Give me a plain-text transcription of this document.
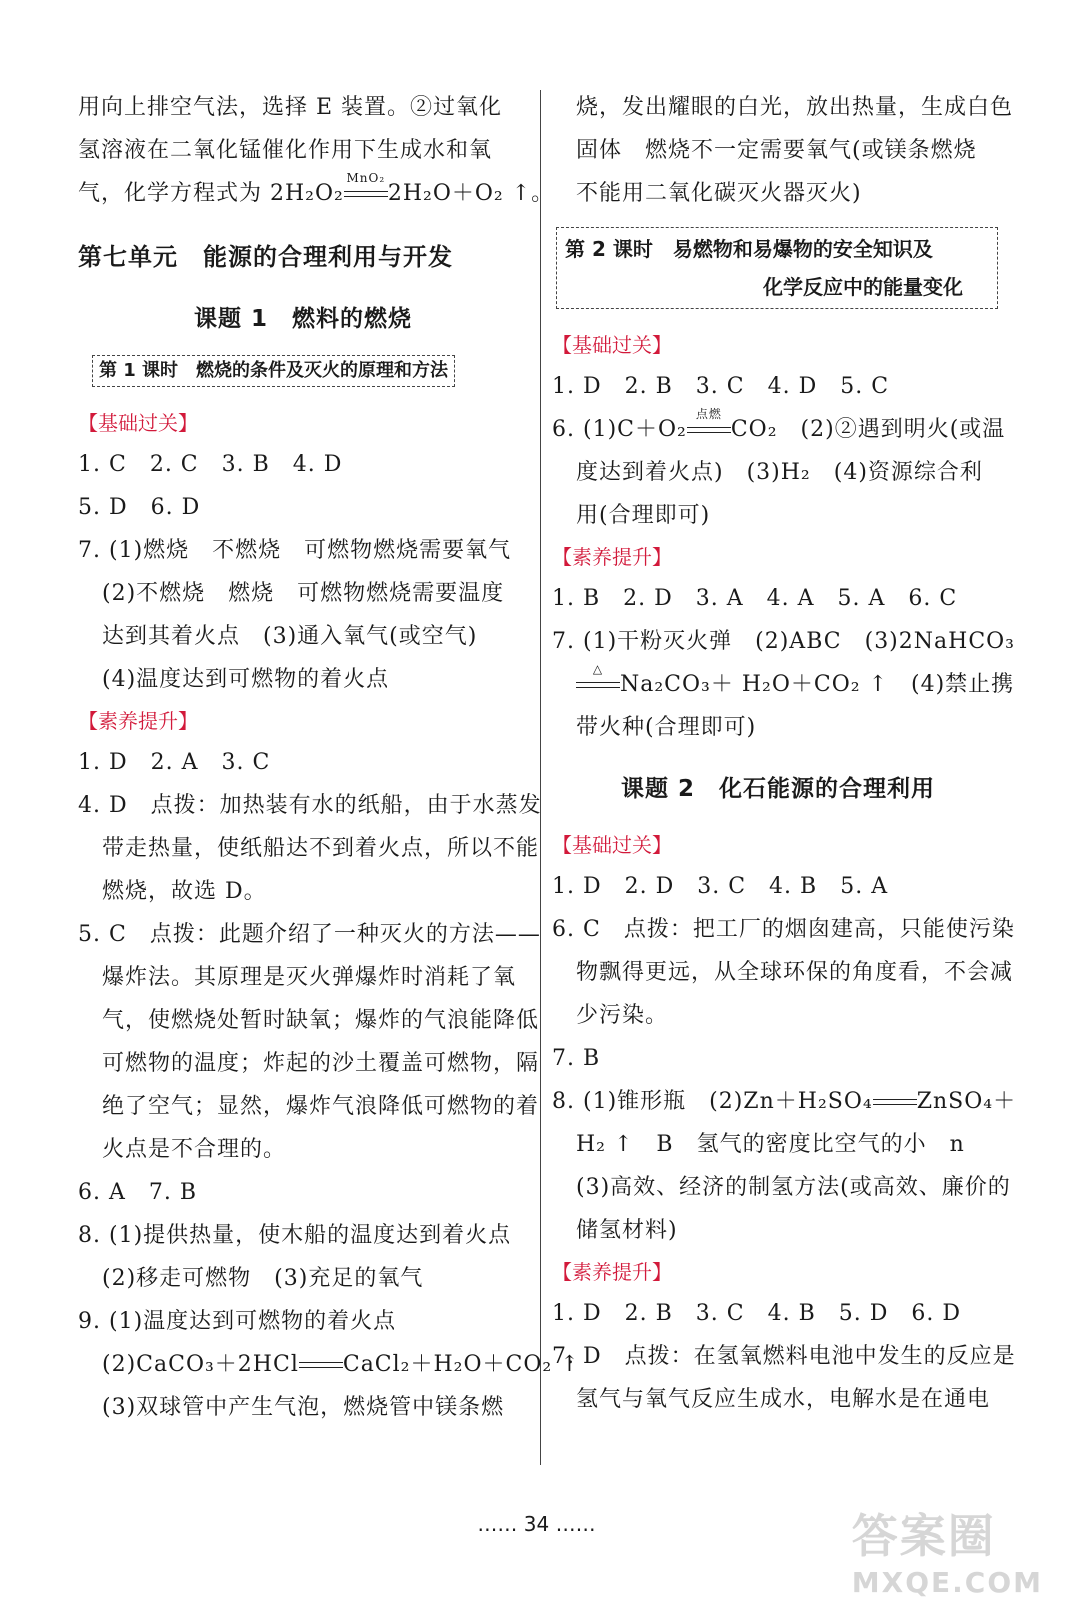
用向上排空气法，选择 E 装置。②过氧化
氢溶液在二氧化锰催化作用下生成水和氧
气，化学方程式为 2H₂O₂
MnO₂
2H₂O＋O₂ ↑。
第七单元　能源的合理利用与开发
课题 1　燃料的燃烧
第 1 课时　燃烧的条件及灭火的原理和方法
【基础过关】
1. C　2. C　3. B　4. D
5. D　6. D
7. (1)燃烧　不燃烧　可燃物燃烧需要氧气
(2)不燃烧　燃烧　可燃物燃烧需要温度
达到其着火点　(3)通入氧气(或空气)
(4)温度达到可燃物的着火点
【素养提升】
1. D　2. A　3. C
4. D　点拨：加热装有水的纸船，由于水蒸发
带走热量，使纸船达不到着火点，所以不能
燃烧，故选 D。
5. C　点拨：此题介绍了一种灭火的方法——
爆炸法。其原理是灭火弹爆炸时消耗了氧
气，使燃烧处暂时缺氧；爆炸的气浪能降低
可燃物的温度；炸起的沙土覆盖可燃物，隔
绝了空气；显然，爆炸气浪降低可燃物的着
火点是不合理的。
6. A　7. B
8. (1)提供热量，使木船的温度达到着火点
(2)移走可燃物　(3)充足的氧气
9. (1)温度达到可燃物的着火点
(2)CaCO₃＋2HCl CaCl₂＋H₂O＋CO₂ ↑
(3)双球管中产生气泡，燃烧管中镁条燃
烧，发出耀眼的白光，放出热量，生成白色
固体　燃烧不一定需要氧气(或镁条燃烧
不能用二氧化碳灭火器灭火)
第 2 课时　易燃物和易爆物的安全知识及
化学反应中的能量变化
【基础过关】
1. D　2. B　3. C　4. D　5. C
6. (1)C＋O₂
点燃
CO₂　(2)②遇到明火(或温
度达到着火点)　(3)H₂　(4)资源综合利
用(合理即可)
【素养提升】
1. B　2. D　3. A　4. A　5. A　6. C
7. (1)干粉灭火弹　(2)ABC　(3)2NaHCO₃
△
Na₂CO₃＋ H₂O＋CO₂ ↑　(4)禁止携
带火种(合理即可)
课题 2　化石能源的合理利用
【基础过关】
1. D　2. D　3. C　4. B　5. A
6. C　点拨：把工厂的烟囱建高，只能使污染
物飘得更远，从全球环保的角度看，不会减
少污染。
7. B
8. (1)锥形瓶　(2)Zn＋H₂SO₄ ZnSO₄＋
H₂ ↑　B　氢气的密度比空气的小　n
(3)高效、经济的制氢方法(或高效、廉价的
储氢材料)
【素养提升】
1. D　2. B　3. C　4. B　5. D　6. D
7. D　点拨：在氢氧燃料电池中发生的反应是
氢气与氧气反应生成水，电解水是在通电
…… 34 ……	答案圈
MXQE.COM
